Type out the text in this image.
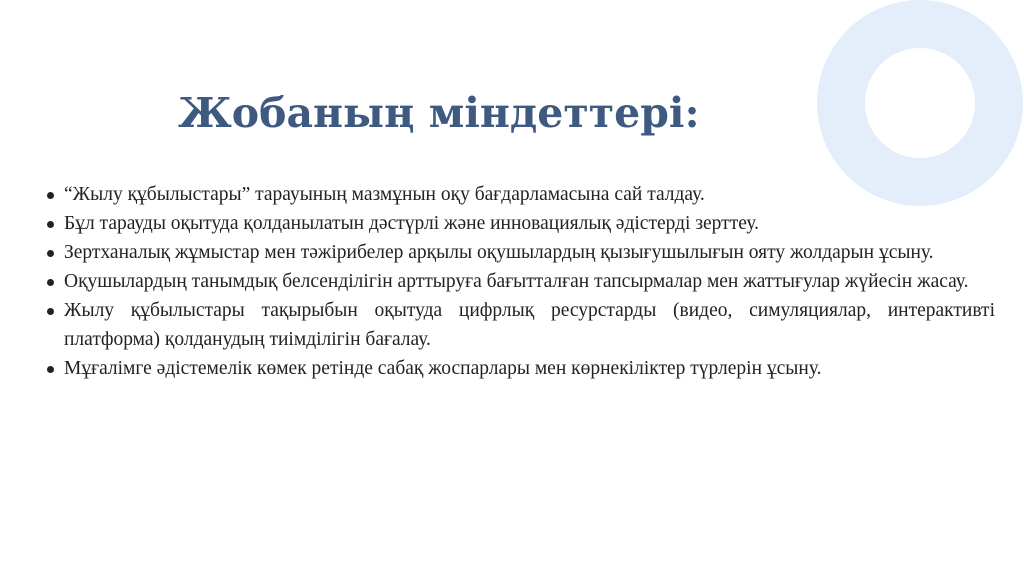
Жобаның міндеттері:
“Жылу құбылыстары” тарауының мазмұнын оқу бағдарламасына сай талдау.
Бұл тарауды оқытуда қолданылатын дәстүрлі және инновациялық әдістерді зерттеу.
Зертханалық жұмыстар мен тәжірибелер арқылы оқушылардың қызығушылығын ояту жолдарын ұсыну.
Оқушылардың танымдық белсенділігін арттыруға бағытталған тапсырмалар мен жаттығулар жүйесін жасау.
Жылу құбылыстары тақырыбын оқытуда цифрлық ресурстарды (видео, симуляциялар, интерактивті платформа) қолданудың тиімділігін бағалау.
Мұғалімге әдістемелік көмек ретінде сабақ жоспарлары мен көрнекіліктер түрлерін ұсыну.
